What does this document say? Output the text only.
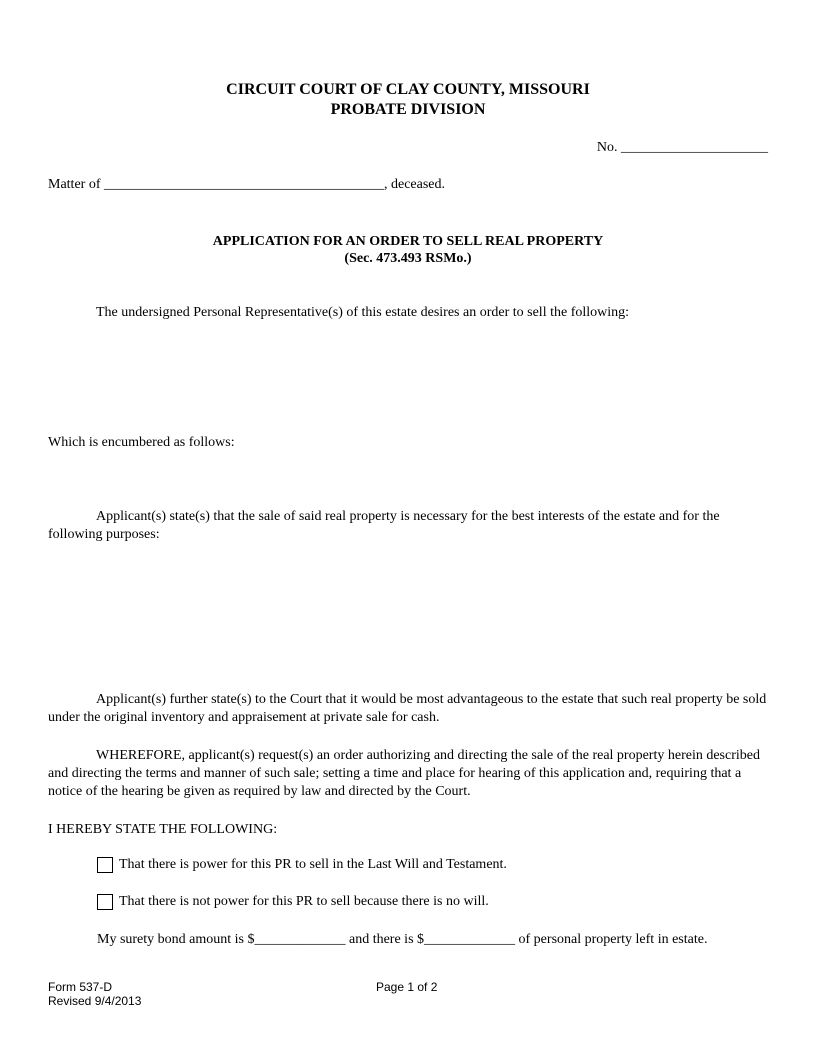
CIRCUIT COURT OF CLAY COUNTY, MISSOURI
PROBATE DIVISION
No. _____________________
Matter of ________________________________________, deceased.
APPLICATION FOR AN ORDER TO SELL REAL PROPERTY
(Sec. 473.493 RSMo.)
The undersigned Personal Representative(s) of this estate desires an order to sell the following:
Which is encumbered as follows:
Applicant(s) state(s) that the sale of said real property is necessary for the best interests of the estate and for the following purposes:
Applicant(s) further state(s) to the Court that it would be most advantageous to the estate that such real property be sold under the original inventory and appraisement at private sale for cash.
WHEREFORE, applicant(s) request(s) an order authorizing and directing the sale of the real property herein described and directing the terms and manner of such sale; setting a time and place for hearing of this application and, requiring that a notice of the hearing be given as required by law and directed by the Court.
I HEREBY STATE THE FOLLOWING:
That there is power for this PR to sell in the Last Will and Testament.
That there is not power for this PR to sell because there is no will.
My surety bond amount is $_____________ and there is $_____________ of personal property left in estate.
Form 537-D
Revised 9/4/2013
Page 1 of 2
